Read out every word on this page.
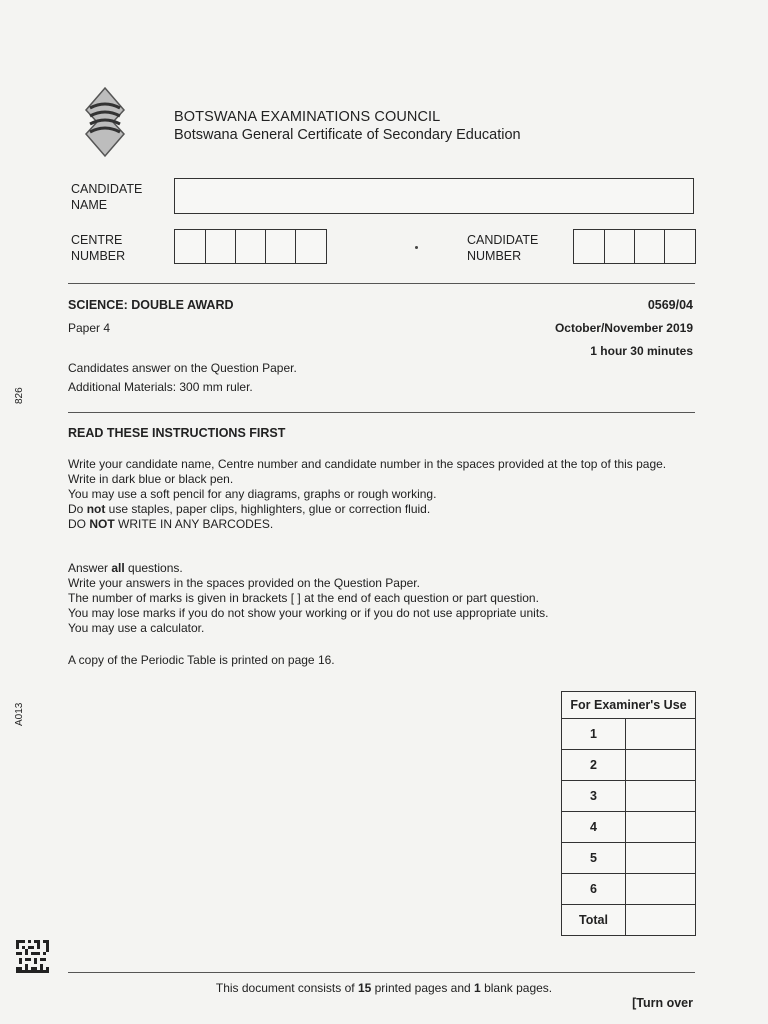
BOTSWANA EXAMINATIONS COUNCIL
Botswana General Certificate of Secondary Education
CANDIDATE
NAME
CENTRE
NUMBER
CANDIDATE
NUMBER
SCIENCE: DOUBLE AWARD	0569/04
Paper 4	October/November 2019
1 hour 30 minutes
Candidates answer on the Question Paper.
Additional Materials: 300 mm ruler.
826
A013
READ THESE INSTRUCTIONS FIRST

Write your candidate name, Centre number and candidate number in the spaces provided at the top of this page.

Write in dark blue or black pen.

You may use a soft pencil for any diagrams, graphs or rough working.

Do not use staples, paper clips, highlighters, glue or correction fluid.

DO NOT WRITE IN ANY BARCODES.

Answer all questions.

Write your answers in the spaces provided on the Question Paper.

The number of marks is given in brackets [ ] at the end of each question or part question.

You may lose marks if you do not show your working or if you do not use appropriate units.

You may use a calculator.

A copy of the Periodic Table is printed on page 16.
For Examiner's Use	
1	
2	
3	
4	
5	
6	
Total	
This document consists of 15 printed pages and 1 blank pages.
[Turn over
